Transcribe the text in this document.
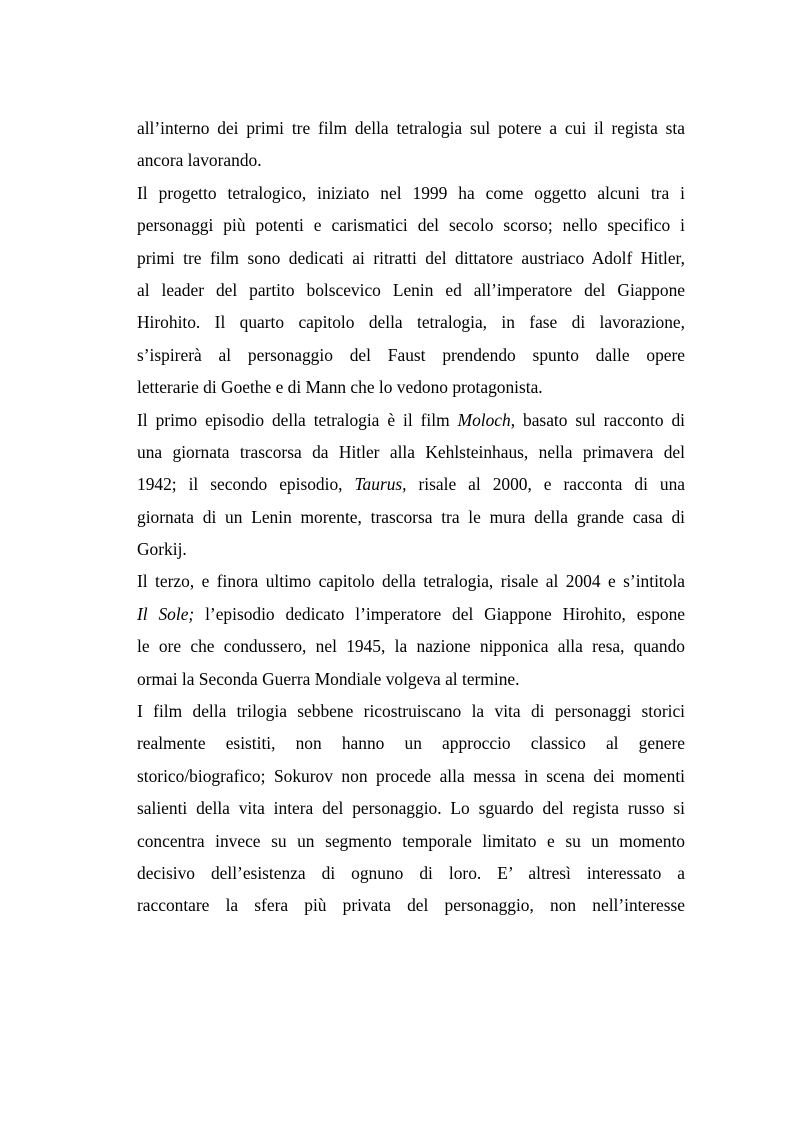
all’interno dei primi tre film della tetralogia sul potere a cui il regista sta
ancora lavorando.
Il progetto tetralogico, iniziato nel 1999 ha come oggetto alcuni tra i
personaggi più potenti e carismatici del secolo scorso; nello specifico i
primi tre film sono dedicati ai ritratti del dittatore austriaco Adolf Hitler,
al leader del partito bolscevico Lenin ed all’imperatore del Giappone
Hirohito. Il quarto capitolo della tetralogia, in fase di lavorazione,
s’ispirerà al personaggio del Faust prendendo spunto dalle opere
letterarie di Goethe e di Mann che lo vedono protagonista.
Il primo episodio della tetralogia è il film Moloch, basato sul racconto di
una giornata trascorsa da Hitler alla Kehlsteinhaus, nella primavera del
1942; il secondo episodio, Taurus, risale al 2000, e racconta di una
giornata di un Lenin morente, trascorsa tra le mura della grande casa di
Gorkij.
Il terzo, e finora ultimo capitolo della tetralogia, risale al 2004 e s’intitola
Il Sole; l’episodio dedicato l’imperatore del Giappone Hirohito, espone
le ore che condussero, nel 1945, la nazione nipponica alla resa, quando
ormai la Seconda Guerra Mondiale volgeva al termine.
I film della trilogia sebbene ricostruiscano la vita di personaggi storici
realmente esistiti, non hanno un approccio classico al genere
storico/biografico; Sokurov non procede alla messa in scena dei momenti
salienti della vita intera del personaggio. Lo sguardo del regista russo si
concentra invece su un segmento temporale limitato e su un momento
decisivo dell’esistenza di ognuno di loro. E’ altresì interessato a
raccontare la sfera più privata del personaggio, non nell’interesse
